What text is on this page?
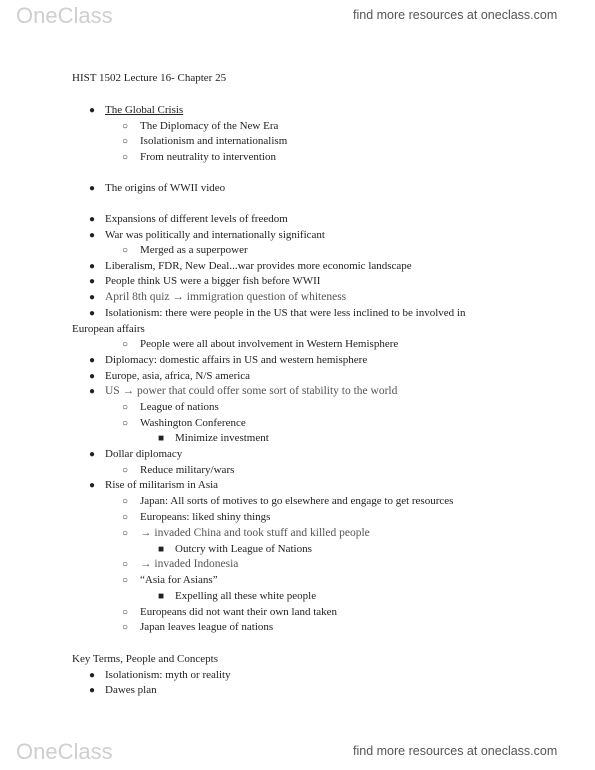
OneClass	find more resources at oneclass.com
HIST 1502 Lecture 16- Chapter 25
● The Global Crisis
○ The Diplomacy of the New Era
○ Isolationism and internationalism
○ From neutrality to intervention
● The origins of WWII video
● Expansions of different levels of freedom
● War was politically and internationally significant
○ Merged as a superpower
● Liberalism, FDR, New Deal...war provides more economic landscape
● People think US were a bigger fish before WWII
● April 8th quiz → immigration question of whiteness
● Isolationism: there were people in the US that were less inclined to be involved in
European affairs
○ People were all about involvement in Western Hemisphere
● Diplomacy: domestic affairs in US and western hemisphere
● Europe, asia, africa, N/S america
● US → power that could offer some sort of stability to the world
○ League of nations
○ Washington Conference
■ Minimize investment
● Dollar diplomacy
○ Reduce military/wars
● Rise of militarism in Asia
○ Japan: All sorts of motives to go elsewhere and engage to get resources
○ Europeans: liked shiny things
○ → invaded China and took stuff and killed people
■ Outcry with League of Nations
○ → invaded Indonesia
○ “Asia for Asians”
■ Expelling all these white people
○ Europeans did not want their own land taken
○ Japan leaves league of nations
Key Terms, People and Concepts
● Isolationism: myth or reality
● Dawes plan
OneClass	find more resources at oneclass.com
